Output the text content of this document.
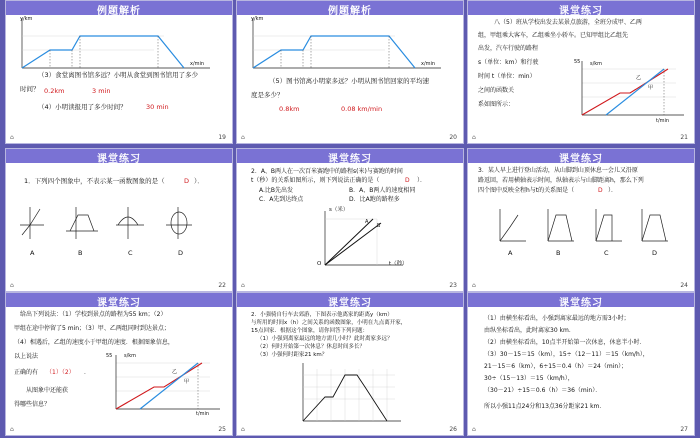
例题解析
y/km
x/min
（3）食堂离图书馆多远？小明从食堂到图书馆用了多少
时间？ 0.2km	3 min
（4）小明读报用了多少时间？	30 min
⌂	19
例题解析
y/km
x/min
（5）图书馆离小明家多远？小明从图书馆回家的平均速
度是多少？
0.8km	0.08 km/min
⌂	20
课堂练习
八（5）班从学校出发去某景点旅游，全班分成甲、乙两
组，甲组乘大客车，乙组乘坐小轿车。已知甲组比乙组先
出发，汽车行驶的路程
s（单位：km）和行驶
时间 t（单位：min）
之间的函数关
系如图所示：
55 s/km
t/min
乙
甲
⌂	21
课堂练习
1．下列四个图象中，不表示某一函数图象的是（	D ）．
A	B	C	D
⌂	22
课堂练习
2．A、B两人在一次百米赛跑中的路程s(米)与赛跑的时间
t（秒）的关系如图所示，则下列说法正确的是（	D ）．
A.比B先出发	B．A、B两人的速度相同
C．A先到达终点	D．比A跑的路程多
s（米）
t（秒）
O
A
B
⌂	23
课堂练习
3．某人早上进行登山活动，从山脚到山顶休息一会儿又沿原
路返回，若用横轴表示时间，纵轴表示与山脚距离h，那么下列
四个图中反映全程h与t的关系图是（	D ）．
A	B	C	D
⌂	24
课堂练习
给出下列说法：（1）学校到景点的路程为55 km；（2）
甲组在途中停留了5 min；（3）甲、乙两组同时到达景点；
（4）相遇后，乙组的速度小于甲组的速度．根据图象信息，
以上说法
正确的有 （1）（2） ．
从图象中还能获
得哪些信息？
55 s/km
t/min
乙
甲
⌂	25
课堂练习
2．小强骑自行车去郊游，下图表示他离家的距离y（km）
与所用的时间x（h）之间关系的函数图象，小明在九点离开家，
15点回家．根据这个图象，请你回答下列问题：
（1）小强到离家最远的地方需几小时？此时离家多远？
（2）何时开始第一次休息？休息时间多长？
（3）小强何时距家21 km？
⌂	26
课堂练习
（1）由横坐标看出，小强到离家最远的地方需3小时；
由纵坐标看出，此时离家30 km．
（2）由横坐标看出，10点半开始第一次休息，休息半小时．
（3）30－15＝15（km），15÷（12－11）＝15（km/h），
21－15＝6（km），6÷15＝0.4（h）＝24（min）；
30÷（15－13）＝15（km/h），
（30－21）÷15＝0.6（h）＝36（min）．
所以小强11点24分和13点36分距家21 km．
⌂	27
